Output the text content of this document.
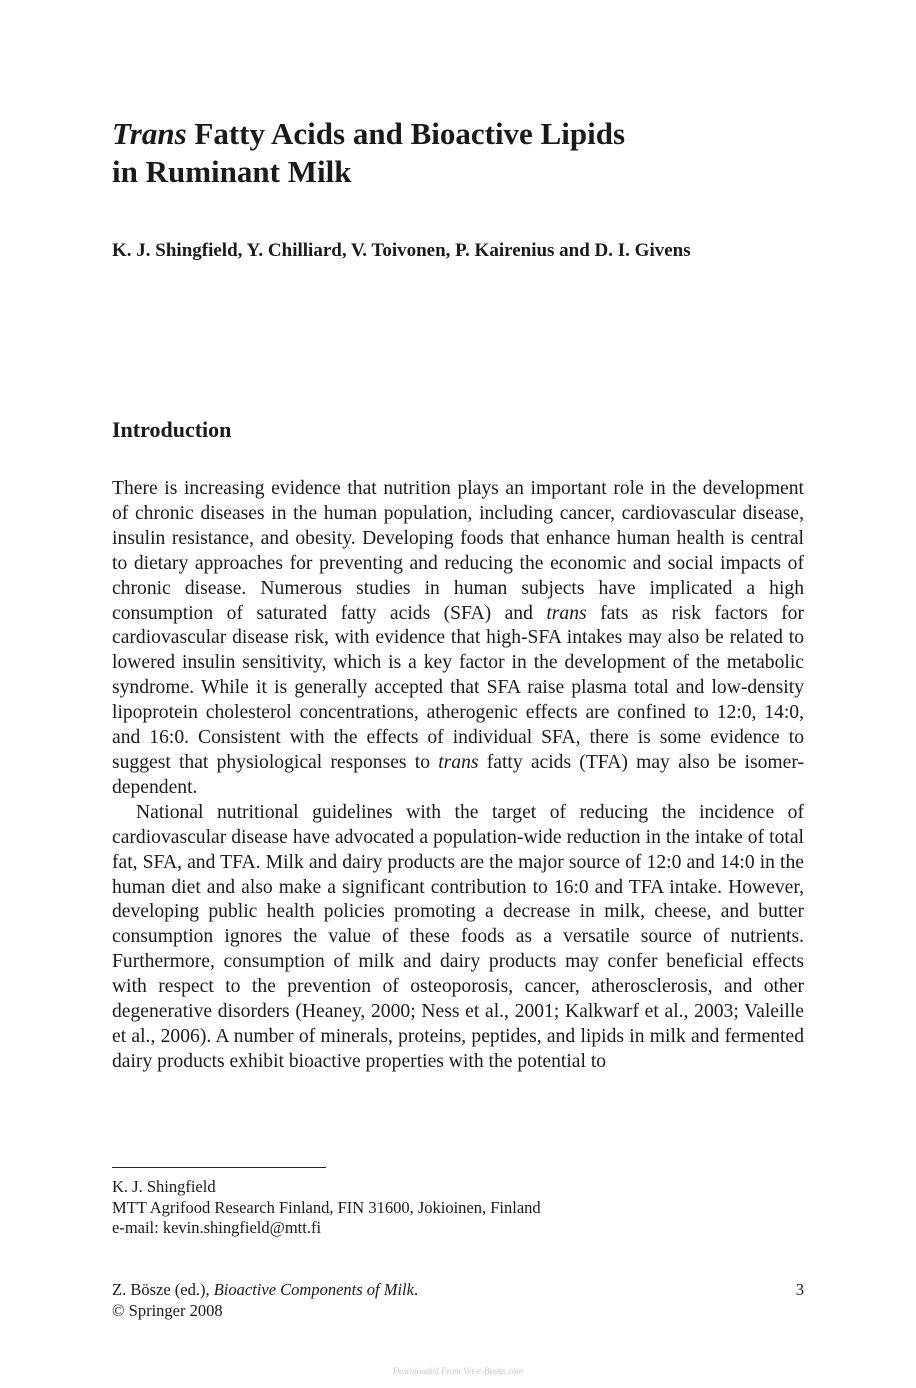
Trans Fatty Acids and Bioactive Lipids
in Ruminant Milk

K. J. Shingfield, Y. Chilliard, V. Toivonen, P. Kairenius and D. I. Givens

Introduction

There is increasing evidence that nutrition plays an important role in the development of chronic diseases in the human population, including cancer, cardiovascular disease, insulin resistance, and obesity. Developing foods that enhance human health is central to dietary approaches for preventing and reducing the economic and social impacts of chronic disease. Numerous studies in human subjects have implicated a high consumption of saturated fatty acids (SFA) and trans fats as risk factors for cardiovascular disease risk, with evidence that high-SFA intakes may also be related to lowered insulin sensitivity, which is a key factor in the development of the metabolic syndrome. While it is generally accepted that SFA raise plasma total and low-density lipoprotein cholesterol concentrations, atherogenic effects are confined to 12:0, 14:0, and 16:0. Consistent with the effects of individual SFA, there is some evidence to suggest that physiological responses to trans fatty acids (TFA) may also be isomer-dependent.

National nutritional guidelines with the target of reducing the incidence of cardiovascular disease have advocated a population-wide reduction in the intake of total fat, SFA, and TFA. Milk and dairy products are the major source of 12:0 and 14:0 in the human diet and also make a significant contribution to 16:0 and TFA intake. However, developing public health policies promoting a decrease in milk, cheese, and butter consumption ignores the value of these foods as a versatile source of nutrients. Furthermore, consumption of milk and dairy products may confer beneficial effects with respect to the prevention of osteoporosis, cancer, atherosclerosis, and other degenerative disorders (Heaney, 2000; Ness et al., 2001; Kalkwarf et al., 2003; Valeille et al., 2006). A number of minerals, proteins, peptides, and lipids in milk and fermented dairy products exhibit bioactive properties with the potential to

K. J. Shingfield
MTT Agrifood Research Finland, FIN 31600, Jokioinen, Finland
e-mail: kevin.shingfield@mtt.fi
Z. Bösze (ed.), Bioactive Components of Milk.	3
© Springer 2008
Downloaded From Vet-e-Books.com
